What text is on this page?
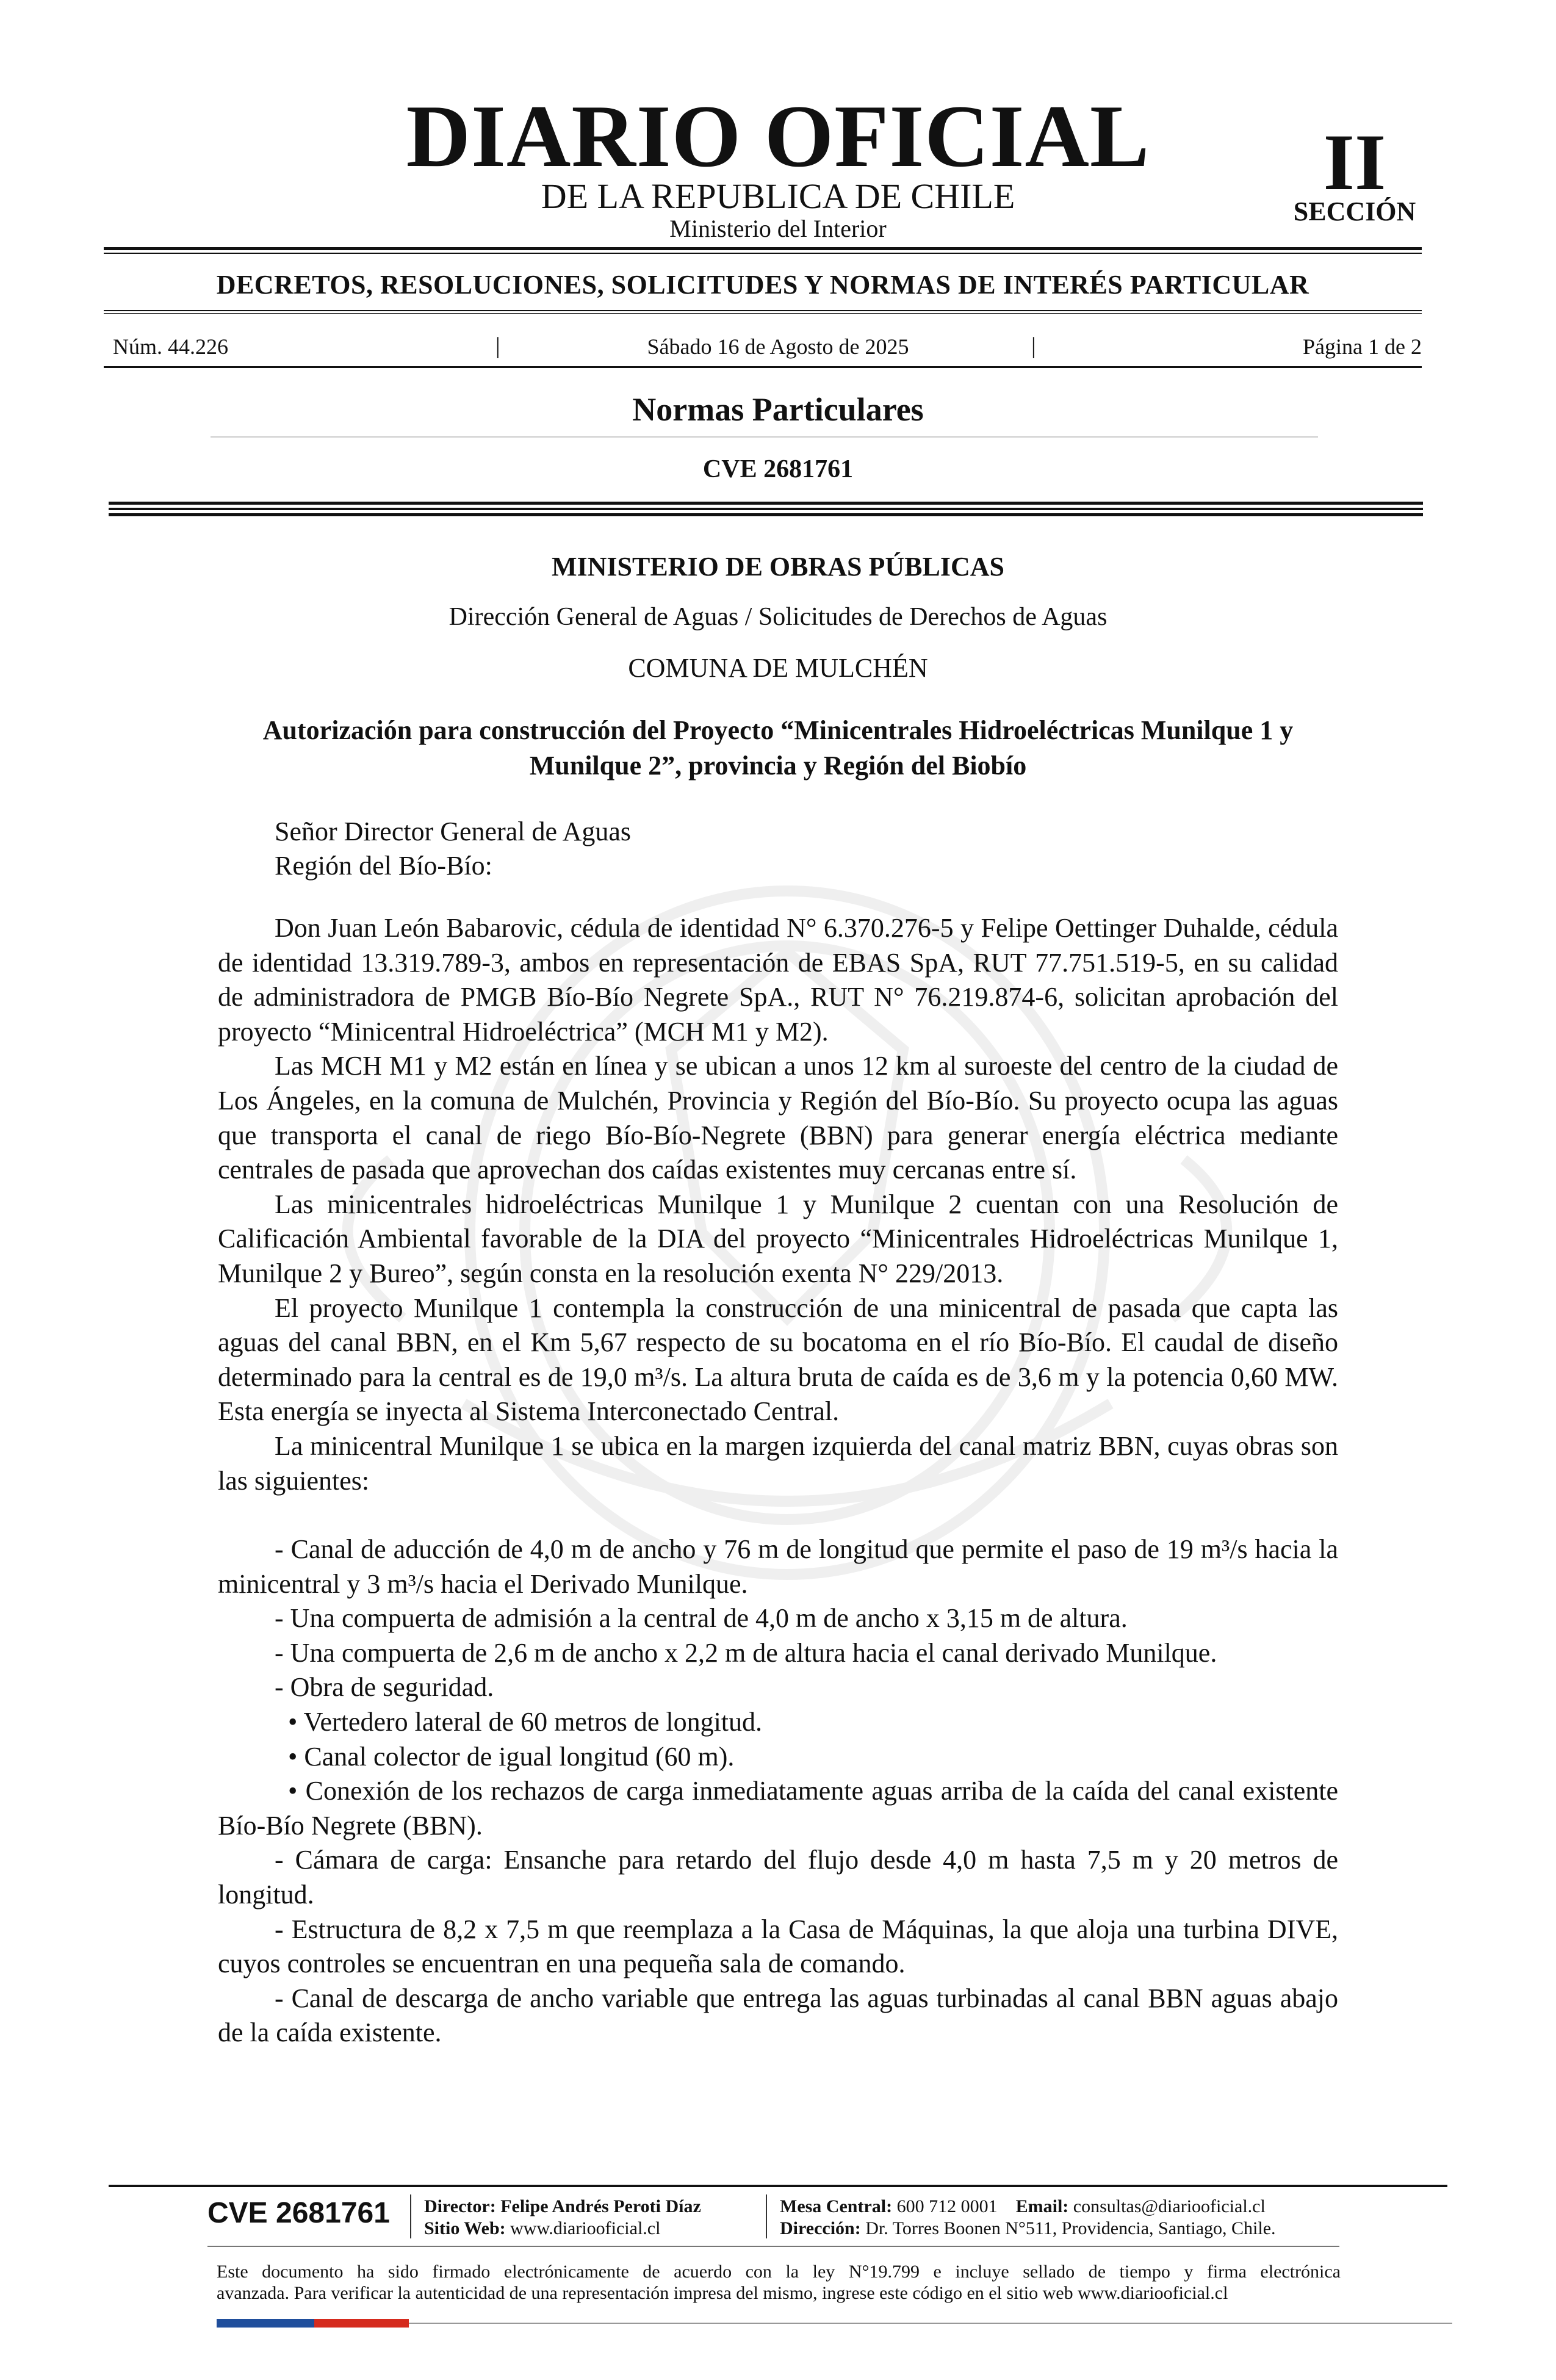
DIARIO OFICIAL
DE LA REPUBLICA DE CHILE
Ministerio del Interior
II
SECCIÓN
DECRETOS, RESOLUCIONES, SOLICITUDES Y NORMAS DE INTERÉS PARTICULAR
Núm. 44.226	|	Sábado 16 de Agosto de 2025	|	Página 1 de 2
Normas Particulares
CVE 2681761
MINISTERIO DE OBRAS PÚBLICAS
Dirección General de Aguas / Solicitudes de Derechos de Aguas
COMUNA DE MULCHÉN
Autorización para construcción del Proyecto “Minicentrales Hidroeléctricas Munilque 1 y
Munilque 2”, provincia y Región del Biobío
Señor Director General de Aguas
Región del Bío-Bío:

Don Juan León Babarovic, cédula de identidad N° 6.370.276-5 y Felipe Oettinger Duhalde, cédula de identidad 13.319.789-3, ambos en representación de EBAS SpA, RUT 77.751.519-5, en su calidad de administradora de PMGB Bío-Bío Negrete SpA., RUT N° 76.219.874-6, solicitan aprobación del proyecto “Minicentral Hidroeléctrica” (MCH M1 y M2).

Las MCH M1 y M2 están en línea y se ubican a unos 12 km al suroeste del centro de la ciudad de Los Ángeles, en la comuna de Mulchén, Provincia y Región del Bío-Bío. Su proyecto ocupa las aguas que transporta el canal de riego Bío-Bío-Negrete (BBN) para generar energía eléctrica mediante centrales de pasada que aprovechan dos caídas existentes muy cercanas entre sí.

Las minicentrales hidroeléctricas Munilque 1 y Munilque 2 cuentan con una Resolución de Calificación Ambiental favorable de la DIA del proyecto “Minicentrales Hidroeléctricas Munilque 1, Munilque 2 y Bureo”, según consta en la resolución exenta N° 229/2013.

El proyecto Munilque 1 contempla la construcción de una minicentral de pasada que capta las aguas del canal BBN, en el Km 5,67 respecto de su bocatoma en el río Bío-Bío. El caudal de diseño determinado para la central es de 19,0 m³/s. La altura bruta de caída es de 3,6 m y la potencia 0,60 MW. Esta energía se inyecta al Sistema Interconectado Central.

La minicentral Munilque 1 se ubica en la margen izquierda del canal matriz BBN, cuyas obras son las siguientes:

- Canal de aducción de 4,0 m de ancho y 76 m de longitud que permite el paso de 19 m³/s hacia la minicentral y 3 m³/s hacia el Derivado Munilque.

- Una compuerta de admisión a la central de 4,0 m de ancho x 3,15 m de altura.

- Una compuerta de 2,6 m de ancho x 2,2 m de altura hacia el canal derivado Munilque.

- Obra de seguridad.

• Vertedero lateral de 60 metros de longitud.

• Canal colector de igual longitud (60 m).

• Conexión de los rechazos de carga inmediatamente aguas arriba de la caída del canal existente Bío-Bío Negrete (BBN).

- Cámara de carga: Ensanche para retardo del flujo desde 4,0 m hasta 7,5 m y 20 metros de longitud.

- Estructura de 8,2 x 7,5 m que reemplaza a la Casa de Máquinas, la que aloja una turbina DIVE, cuyos controles se encuentran en una pequeña sala de comando.

- Canal de descarga de ancho variable que entrega las aguas turbinadas al canal BBN aguas abajo de la caída existente.

CVE 2681761 Director: Felipe Andrés Peroti Díaz
Sitio Web: www.diariooficial.cl
Mesa Central: 600 712 0001 Email: consultas@diariooficial.cl
Dirección: Dr. Torres Boonen N°511, Providencia, Santiago, Chile.
Este documento ha sido firmado electrónicamente de acuerdo con la ley N°19.799 e incluye sellado de tiempo y firma electrónica
avanzada. Para verificar la autenticidad de una representación impresa del mismo, ingrese este código en el sitio web www.diariooficial.cl
